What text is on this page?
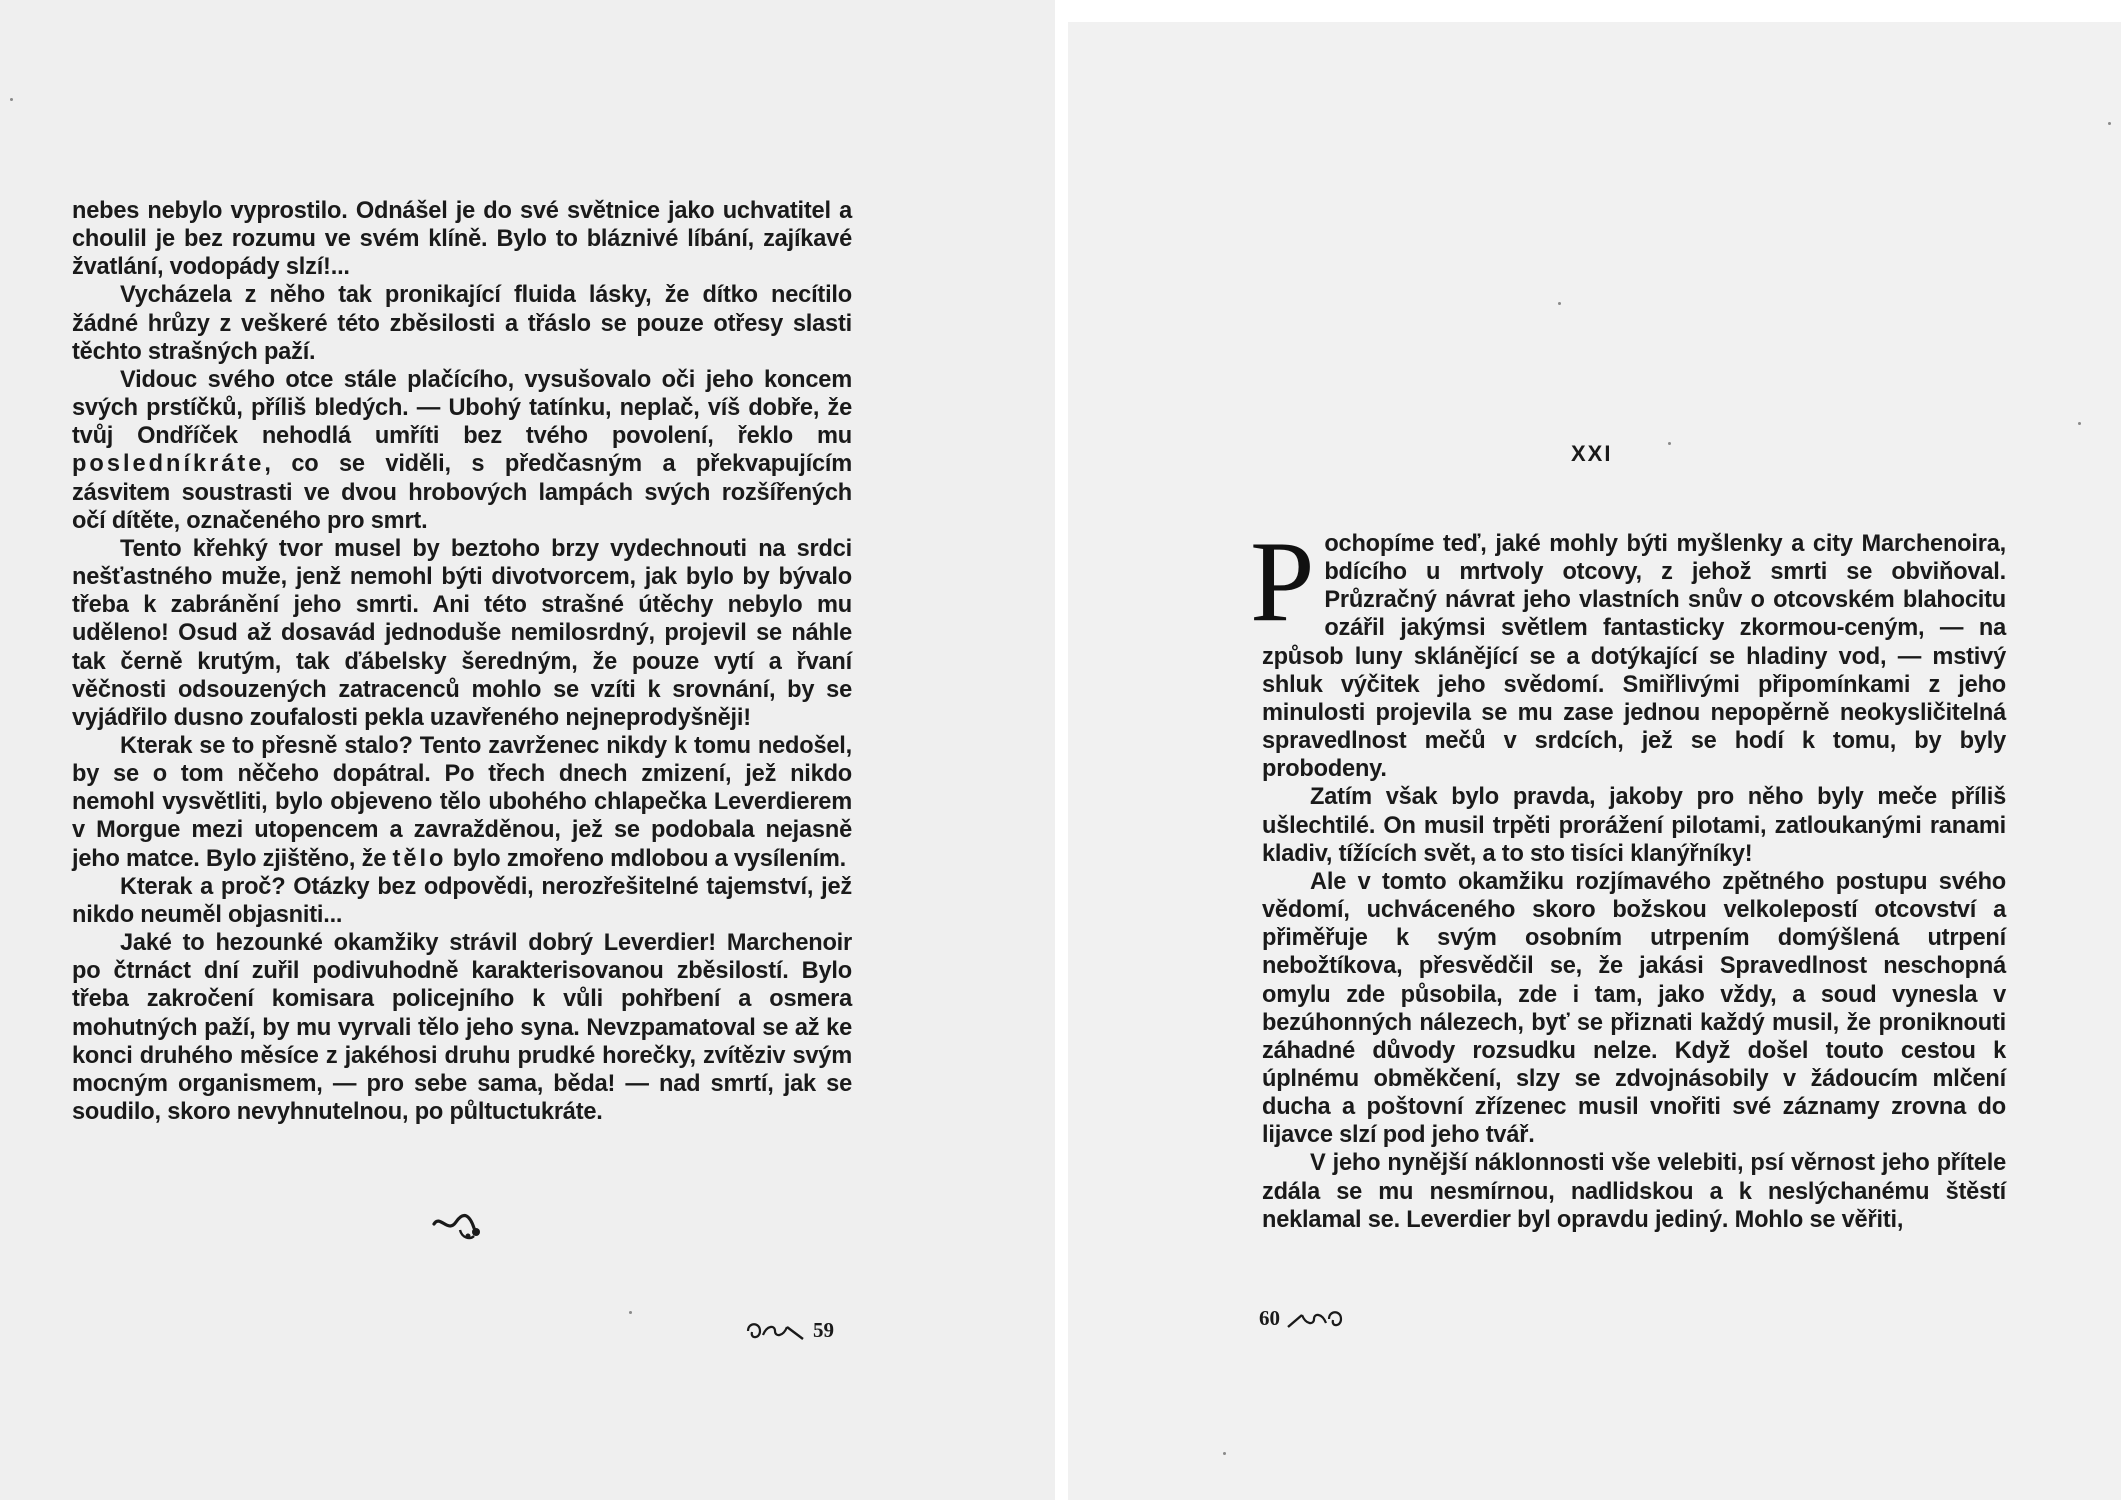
nebes nebylo vyprostilo. Odnášel je do své světnice jako uchvatitel a choulil je bez rozumu ve svém klíně. Bylo to bláznivé líbání, zajíkavé žvatlání, vodopády slzí!...

Vycházela z něho tak pronikající fluida lásky, že dítko necítilo žádné hrůzy z veškeré této zběsilosti a třáslo se pouze otřesy slasti těchto strašných paží.

Vidouc svého otce stále plačícího, vysušovalo oči jeho koncem svých prstíčků, příliš bledých. — Ubohý tatínku, neplač, víš dobře, že tvůj Ondříček nehodlá umříti bez tvého povolení, řeklo mu posledníkráte, co se viděli, s předčasným a překvapujícím zásvitem soustrasti ve dvou hrobových lampách svých rozšířených očí dítěte, označeného pro smrt.

Tento křehký tvor musel by beztoho brzy vydechnouti na srdci nešťastného muže, jenž nemohl býti divotvorcem, jak bylo by bývalo třeba k zabránění jeho smrti. Ani této strašné útěchy nebylo mu uděleno! Osud až dosavád jednoduše nemilosrdný, projevil se náhle tak černě krutým, tak ďábelsky šeredným, že pouze vytí a řvaní věčnosti odsouzených zatracenců mohlo se vzíti k srovnání, by se vyjádřilo dusno zoufalosti pekla uzavřeného nejneprodyšněji!

Kterak se to přesně stalo? Tento zavrženec nikdy k tomu nedošel, by se o tom něčeho dopátral. Po třech dnech zmizení, jež nikdo nemohl vysvětliti, bylo objeveno tělo ubohého chlapečka Leverdierem v Morgue mezi utopencem a zavražděnou, jež se podobala nejasně jeho matce. Bylo zjištěno, že tělo bylo zmořeno mdlobou a vysílením.

Kterak a proč? Otázky bez odpovědi, nerozřešitelné tajemství, jež nikdo neuměl objasniti...

Jaké to hezounké okamžiky strávil dobrý Leverdier! Marchenoir po čtrnáct dní zuřil podivuhodně karakterisovanou zběsilostí. Bylo třeba zakročení komisara policejního k vůli pohřbení a osmera mohutných paží, by mu vyrvali tělo jeho syna. Nevzpamatoval se až ke konci druhého měsíce z jakéhosi druhu prudké horečky, zvítěziv svým mocným organismem, — pro sebe sama, běda! — nad smrtí, jak se soudilo, skoro nevyhnutelnou, po půltuctukráte.

59
XXI

Pochopíme teď, jaké mohly býti myšlenky a city Marchenoira, bdícího u mrtvoly otcovy, z jehož smrti se obviňoval. Průzračný návrat jeho vlastních snův o otcovském blahocitu ozářil jakýmsi světlem fantasticky zkormou-ceným, — na způsob luny sklánějící se a dotýkající se hladiny vod, — mstivý shluk výčitek jeho svědomí. Smiřlivými připomínkami z jeho minulosti projevila se mu zase jednou nepopěrně neokysličitelná spravedlnost mečů v srdcích, jež se hodí k tomu, by byly probodeny.

Zatím však bylo pravda, jakoby pro něho byly meče příliš ušlechtilé. On musil trpěti prorážení pilotami, zatloukanými ranami kladiv, tížících svět, a to sto tisíci klanýřníky!

Ale v tomto okamžiku rozjímavého zpětného postupu svého vědomí, uchváceného skoro božskou velkolepostí otcovství a přiměřuje k svým osobním utrpením domýšlená utrpení nebožtíkova, přesvědčil se, že jakási Spravedlnost neschopná omylu zde působila, zde i tam, jako vždy, a soud vynesla v bezúhonných nálezech, byť se přiznati každý musil, že proniknouti záhadné důvody rozsudku nelze. Když došel touto cestou k úplnému obměkčení, slzy se zdvojnásobily v žádoucím mlčení ducha a poštovní zřízenec musil vnořiti své záznamy zrovna do lijavce slzí pod jeho tvář.

V jeho nynější náklonnosti vše velebiti, psí věrnost jeho přítele zdála se mu nesmírnou, nadlidskou a k neslýchanému štěstí neklamal se. Leverdier byl opravdu jediný. Mohlo se věřiti,

60
